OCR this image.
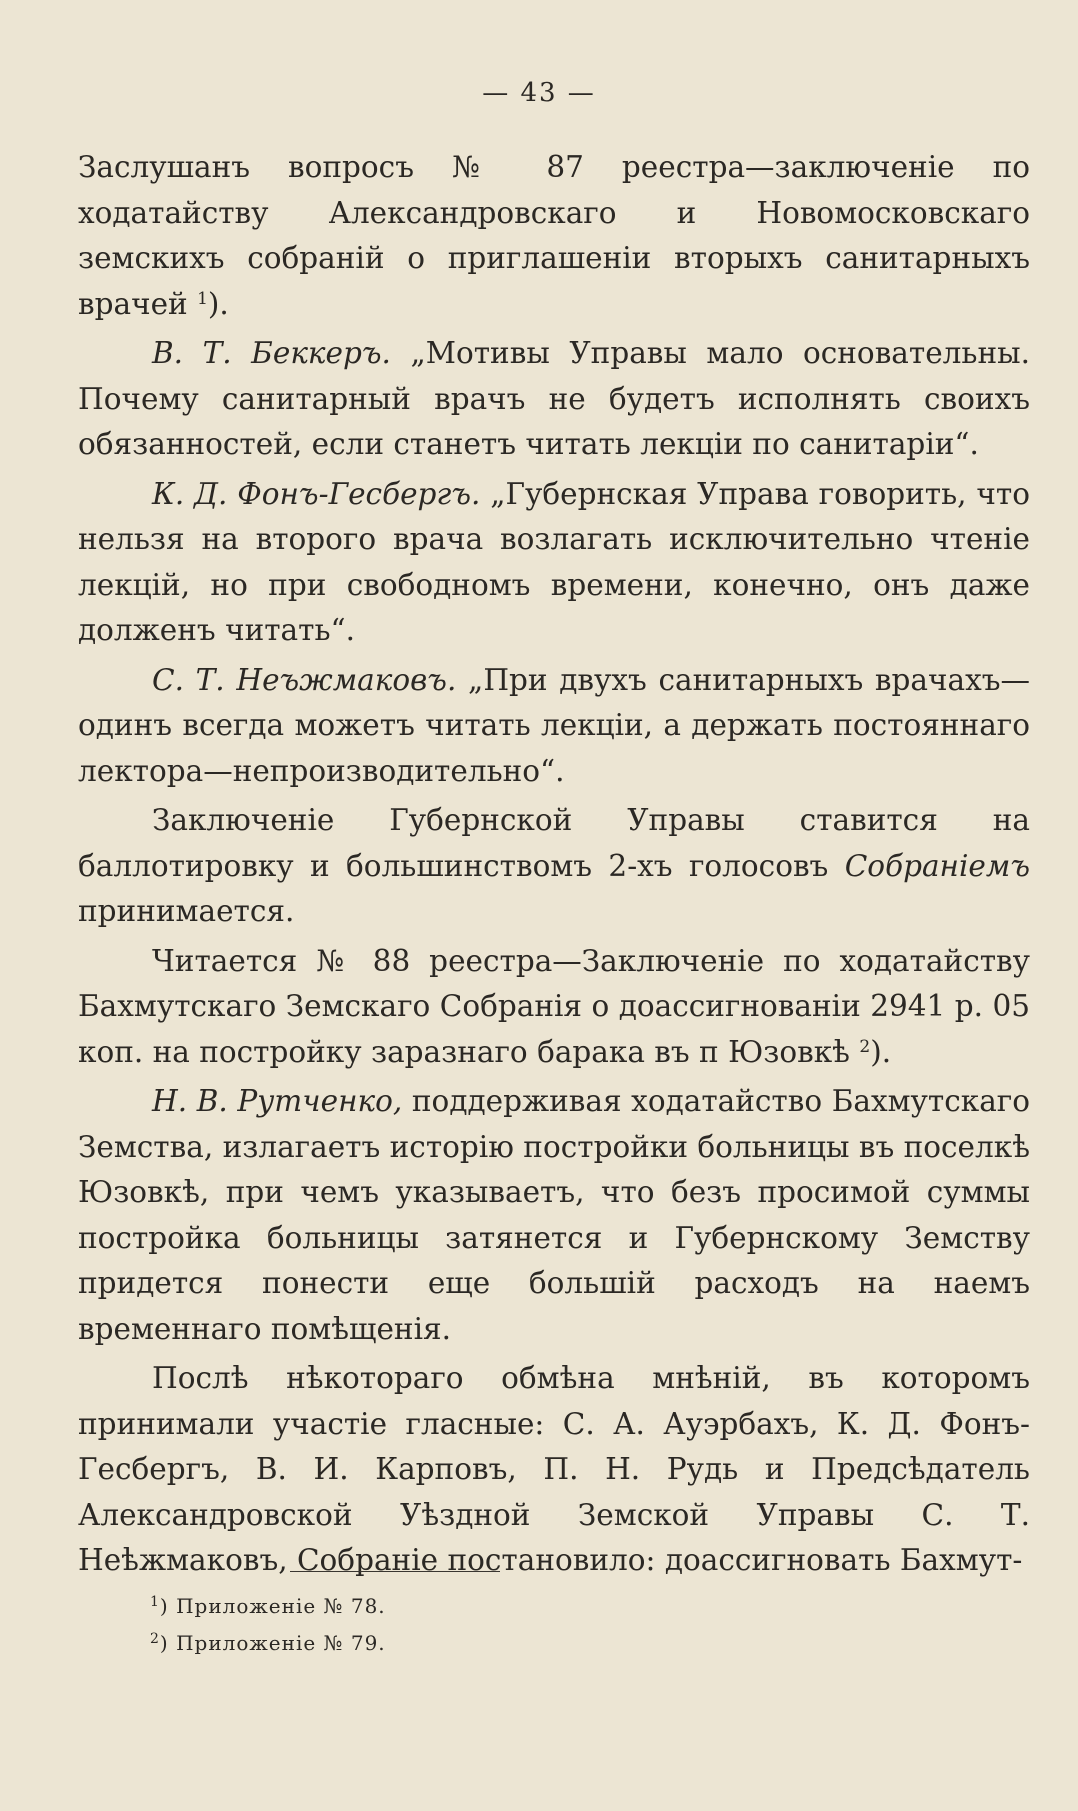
— 43 —

Заслушанъ вопросъ № 87 реестра—заключеніе по ходатайству Александровскаго и Новомосковскаго земскихъ собраній о приглашеніи вторыхъ санитарныхъ врачей $^1$).

В. Т. Беккеръ. „Мотивы Управы мало основательны. Почему санитарный врачъ не будетъ исполнять своихъ обязанностей, если станетъ читать лекціи по санитаріи“.

К. Д. Фонъ-Гесбергъ. „Губернская Управа говорить, что нельзя на второго врача возлагать исключительно чтеніе лекцій, но при свободномъ времени, конечно, онъ даже долженъ читать“.

С. Т. Неъжмаковъ. „При двухъ санитарныхъ врачахъ—одинъ всегда можетъ читать лекціи, а держать постояннаго лектора—непроизводительно“.

Заключеніе Губернской Управы ставится на баллотировку и большинствомъ 2-хъ голосовъ Собраніемъ принимается.

Читается № 88 реестра—Заключеніе по ходатайству Бахмутскаго Земскаго Собранія о доассигнованіи 2941 р. 05 коп. на постройку заразнаго барака въ п Юзовкѣ $^2$).

Н. В. Рутченко, поддерживая ходатайство Бахмутскаго Земства, излагаетъ исторію постройки больницы въ поселкѣ Юзовкѣ, при чемъ указываетъ, что безъ просимой суммы постройка больницы затянется и Губернскому Земству придется понести еще большій расходъ на наемъ временнаго помѣщенія.

Послѣ нѣкотораго обмѣна мнѣній, въ которомъ принимали участіе гласные: С. А. Ауэрбахъ, К. Д. Фонъ-Гесбергъ, В. И. Карповъ, П. Н. Рудь и Предсѣдатель Александровской Уѣздной Земской Управы С. Т. Неѣжмаковъ, Собраніе постановило: доассигновать Бахмут-

$^1$) Приложеніе № 78.
$^2$) Приложеніе № 79.
